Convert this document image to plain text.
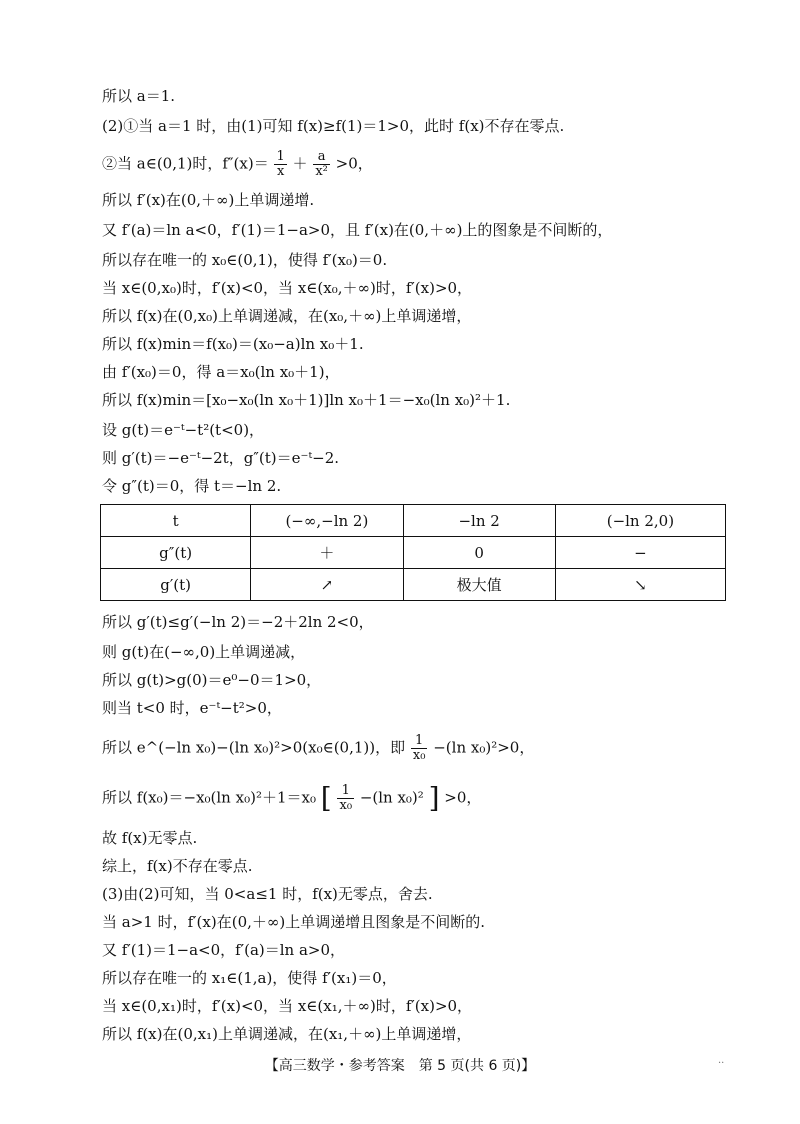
所以 a＝1.
(2)①当 a＝1 时，由(1)可知 f(x)≥f(1)＝1>0，此时 f(x)不存在零点.
②当 a∈(0,1)时，$f''(x)= \frac{1}{x} + \frac{a}{\text{x²}} >0$，
所以 f′(x)在(0,＋∞)上单调递增.
又 f′(a)＝ln a<0，f′(1)＝1−a>0，且 f′(x)在(0,＋∞)上的图象是不间断的，
所以存在唯一的 x₀∈(0,1)，使得 f′(x₀)＝0.
当 x∈(0,x₀)时，f′(x)<0，当 x∈(x₀,＋∞)时，f′(x)>0，
所以 f(x)在(0,x₀)上单调递减，在(x₀,＋∞)上单调递增，
所以 f(x)min＝f(x₀)＝(x₀−a)ln x₀＋1.
由 f′(x₀)＝0，得 a＝x₀(ln x₀＋1)，
所以 f(x)min＝[x₀−x₀(ln x₀＋1)]ln x₀＋1＝−x₀(ln x₀)²＋1.
设 g(t)＝e⁻ᵗ−t²(t<0)，
则 g′(t)＝−e⁻ᵗ−2t，g″(t)＝e⁻ᵗ−2.
令 g″(t)＝0，得 t＝−ln 2.
t	(−∞,−ln 2)	−ln 2	(−ln 2,0)
g″(t)	＋	0	−
g′(t)	↗	极大值	↘
所以 g′(t)≤g′(−ln 2)＝−2＋2ln 2<0，
则 g(t)在(−∞,0)上单调递减，
所以 g(t)>g(0)＝e⁰−0＝1>0，
则当 t<0 时，e⁻ᵗ−t²>0，
所以 e^(−ln x₀)−(ln x₀)²>0(x₀∈(0,1))，即 $\frac{1}{\text{x₀}} -(\ln$ x₀)²>0，
所以 f(x₀)＝−x₀(ln x₀)²＋1＝x₀ [ $\frac{1}{\text{x₀}} -(\ln$ x₀)² ] >0，
故 f(x)无零点.
综上，f(x)不存在零点.
(3)由(2)可知，当 0<a≤1 时，f(x)无零点，舍去.
当 a>1 时，f′(x)在(0,＋∞)上单调递增且图象是不间断的.
又 f′(1)＝1−a<0，f′(a)＝ln a>0，
所以存在唯一的 x₁∈(1,a)，使得 f′(x₁)＝0，
当 x∈(0,x₁)时，f′(x)<0，当 x∈(x₁,＋∞)时，f′(x)>0，
所以 f(x)在(0,x₁)上单调递减，在(x₁,＋∞)上单调递增，
【高三数学・参考答案　第 5 页(共 6 页)】	··
